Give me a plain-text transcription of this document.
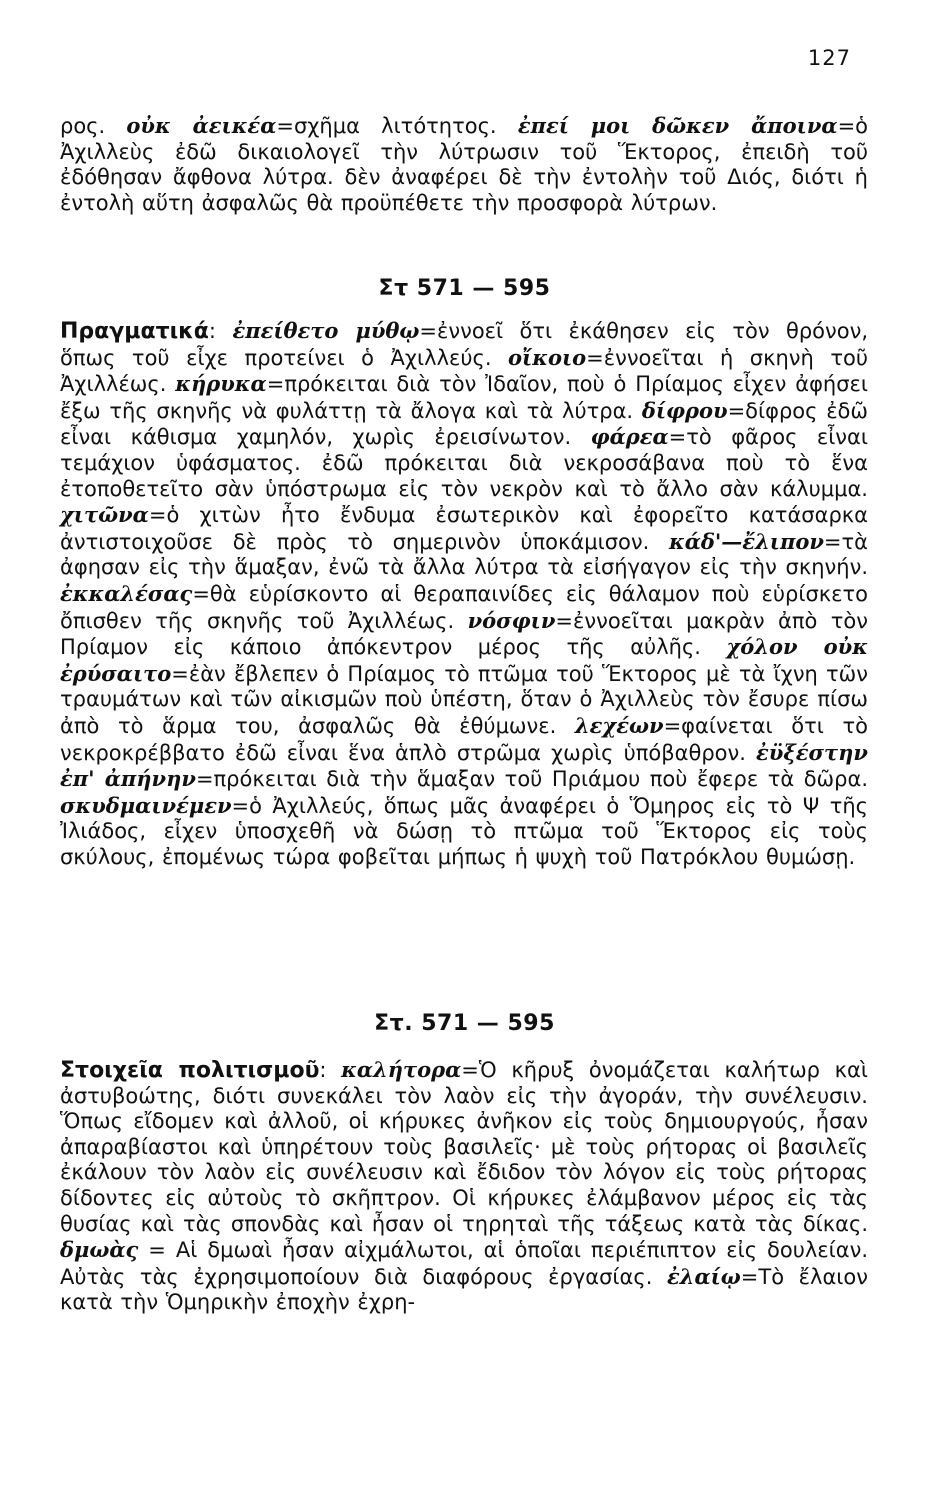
127

ρος. οὐκ ἀεικέα=σχῆμα λιτότητος. ἐπεί μοι δῶκεν ἄποινα=ὁ Ἀχιλλεὺς ἐδῶ δικαιολογεῖ τὴν λύτρωσιν τοῦ Ἕκτορος, ἐπειδὴ τοῦ ἐδόθησαν ἄφθονα λύτρα. δὲν ἀναφέρει δὲ τὴν ἐντολὴν τοῦ Διός, διότι ἡ ἐντολὴ αὕτη ἀσφαλῶς θὰ προϋπέθετε τὴν προσφορὰ λύτρων.

Στ 571 — 595

Πραγματικά: ἐπείθετο μύθῳ=ἐννοεῖ ὅτι ἐκάθησεν εἰς τὸν θρόνον, ὅπως τοῦ εἶχε προτείνει ὁ Ἀχιλλεύς. οἴκοιο=ἐννοεῖται ἡ σκηνὴ τοῦ Ἀχιλλέως. κήρυκα=πρόκειται διὰ τὸν Ἰδαῖον, ποὺ ὁ Πρίαμος εἶχεν ἀφήσει ἔξω τῆς σκηνῆς νὰ φυλάττῃ τὰ ἄλογα καὶ τὰ λύτρα. δίφρου=δίφρος ἐδῶ εἶναι κάθισμα χαμηλόν, χωρὶς ἐρεισίνωτον. φάρεα=τὸ φᾶρος εἶναι τεμάχιον ὑφάσματος. ἐδῶ πρόκειται διὰ νεκροσάβανα ποὺ τὸ ἕνα ἐτοποθετεῖτο σὰν ὑπόστρωμα εἰς τὸν νεκρὸν καὶ τὸ ἄλλο σὰν κάλυμμα. χιτῶνα=ὁ χιτὼν ἦτο ἔνδυμα ἐσωτερικὸν καὶ ἐφορεῖτο κατάσαρκα ἀντιστοιχοῦσε δὲ πρὸς τὸ σημερινὸν ὑποκάμισον. κάδ'—ἔλιπον=τὰ ἀφησαν εἰς τὴν ἅμαξαν, ἐνῶ τὰ ἄλλα λύτρα τὰ εἰσήγαγον εἰς τὴν σκηνήν. ἐκκαλέσας=θὰ εὑρίσκοντο αἱ θεραπαινίδες εἰς θάλαμον ποὺ εὑρίσκετο ὄπισθεν τῆς σκηνῆς τοῦ Ἀχιλλέως. νόσφιν=ἐννοεῖται μακρὰν ἀπὸ τὸν Πρίαμον εἰς κάποιο ἀπόκεντρον μέρος τῆς αὐλῆς. χόλον οὐκ ἐρύσαιτο=ἐὰν ἔβλεπεν ὁ Πρίαμος τὸ πτῶμα τοῦ Ἕκτορος μὲ τὰ ἴχνη τῶν τραυμάτων καὶ τῶν αἰκισμῶν ποὺ ὑπέστη, ὅταν ὁ Ἀχιλλεὺς τὸν ἔσυρε πίσω ἀπὸ τὸ ἅρμα του, ἀσφαλῶς θὰ ἐθύμωνε. λεχέων=φαίνεται ὅτι τὸ νεκροκρέββατο ἐδῶ εἶναι ἕνα ἁπλὸ στρῶμα χωρὶς ὑπόβαθρον. ἐϋξέστην ἐπ' ἀπήνην=πρόκειται διὰ τὴν ἅμαξαν τοῦ Πριάμου ποὺ ἔφερε τὰ δῶρα. σκυδμαινέμεν=ὁ Ἀχιλλεύς, ὅπως μᾶς ἀναφέρει ὁ Ὅμηρος εἰς τὸ Ψ τῆς Ἰλιάδος, εἶχεν ὑποσχεθῆ νὰ δώσῃ τὸ πτῶμα τοῦ Ἕκτορος εἰς τοὺς σκύλους, ἐπομένως τώρα φοβεῖται μήπως ἡ ψυχὴ τοῦ Πατρόκλου θυμώσῃ.

Στ. 571 — 595

Στοιχεῖα πολιτισμοῦ: καλήτορα=Ὁ κῆρυξ ὀνομάζεται καλήτωρ καὶ ἀστυβοώτης, διότι συνεκάλει τὸν λαὸν εἰς τὴν ἀγοράν, τὴν συνέλευσιν. Ὅπως εἴδομεν καὶ ἀλλοῦ, οἱ κήρυκες ἀνῆκον εἰς τοὺς δημιουργούς, ἦσαν ἀπαραβίαστοι καὶ ὑπηρέτουν τοὺς βασιλεῖς· μὲ τοὺς ρήτορας οἱ βασιλεῖς ἐκάλουν τὸν λαὸν εἰς συνέλευσιν καὶ ἔδιδον τὸν λόγον εἰς τοὺς ρήτορας δίδοντες εἰς αὐτοὺς τὸ σκῆπτρον. Οἱ κήρυκες ἐλάμβανον μέρος εἰς τὰς θυσίας καὶ τὰς σπονδὰς καὶ ἦσαν οἱ τηρηταὶ τῆς τάξεως κατὰ τὰς δίκας. δμωὰς = Αἱ δμωαὶ ἦσαν αἰχμάλωτοι, αἱ ὁποῖαι περιέπιπτον εἰς δουλείαν. Αὐτὰς τὰς ἐχρησιμοποίουν διὰ διαφόρους ἐργασίας. ἐλαίῳ=Τὸ ἔλαιον κατὰ τὴν Ὁμηρικὴν ἐποχὴν ἐχρη-
